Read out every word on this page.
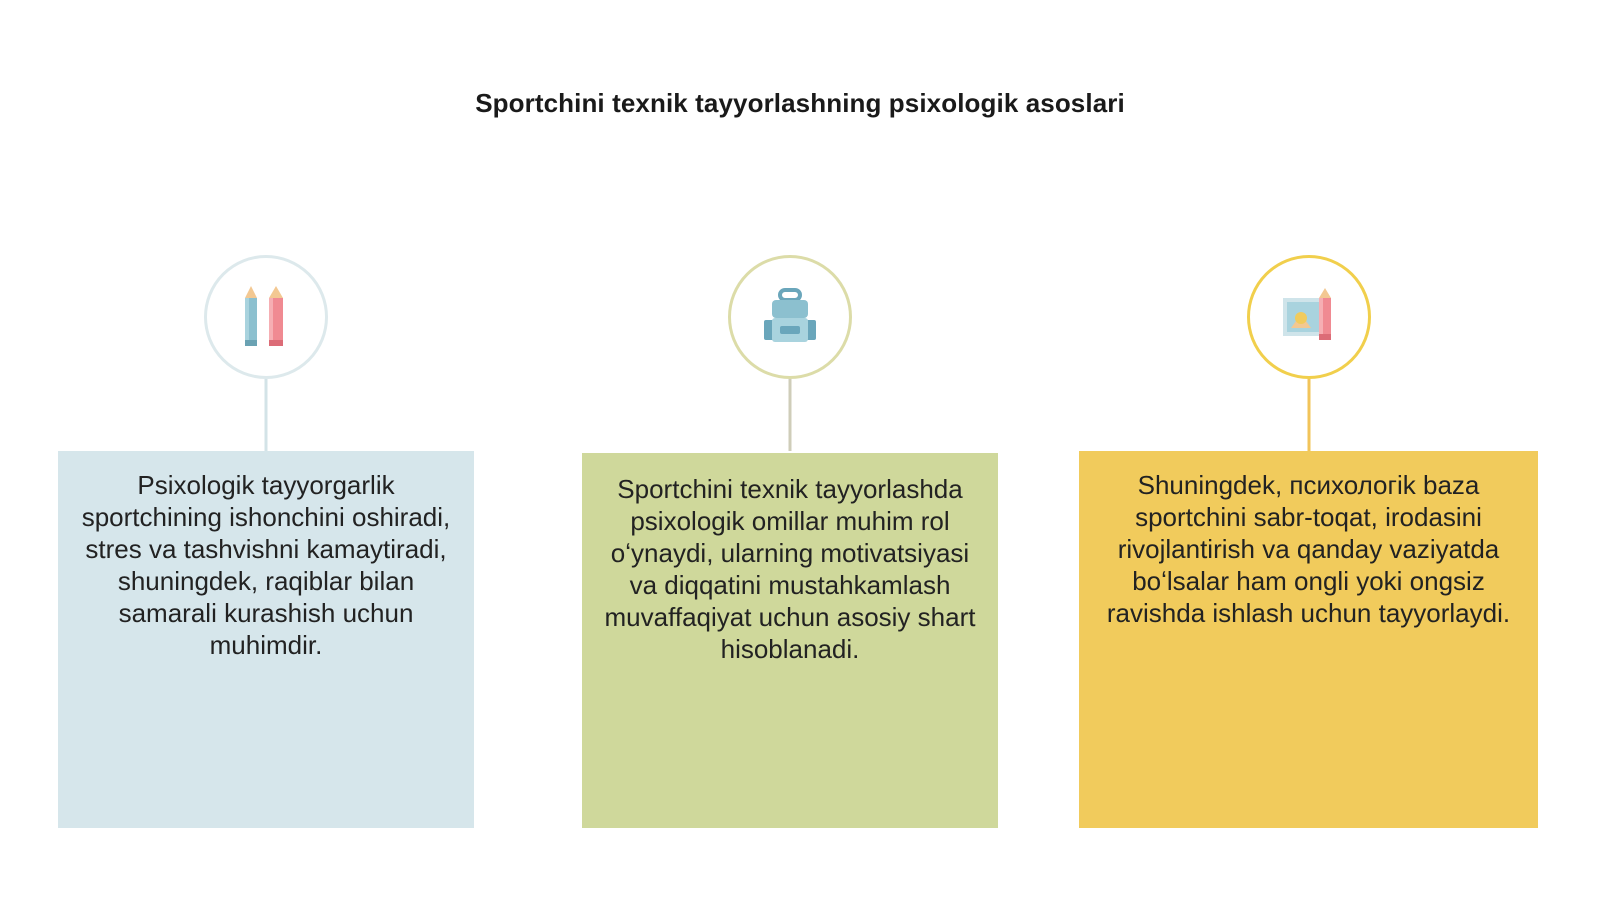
Sportchini texnik tayyorlashning psixologik asoslari
Psixologik tayyorgarlik sportchining ishonchini oshiradi, stres va tashvishni kamaytiradi, shuningdek, raqiblar bilan samarali kurashish uchun muhimdir.
Sportchini texnik tayyorlashda psixologik omillar muhim rol oʻynaydi, ularning motivatsiyasi va diqqatini mustahkamlash muvaffaqiyat uchun asosiy shart hisoblanadi.
Shuningdek, психологik baza sportchini sabr-toqat, irodasini rivojlantirish va qanday vaziyatda boʻlsalar ham ongli yoki ongsiz ravishda ishlash uchun tayyorlaydi.
